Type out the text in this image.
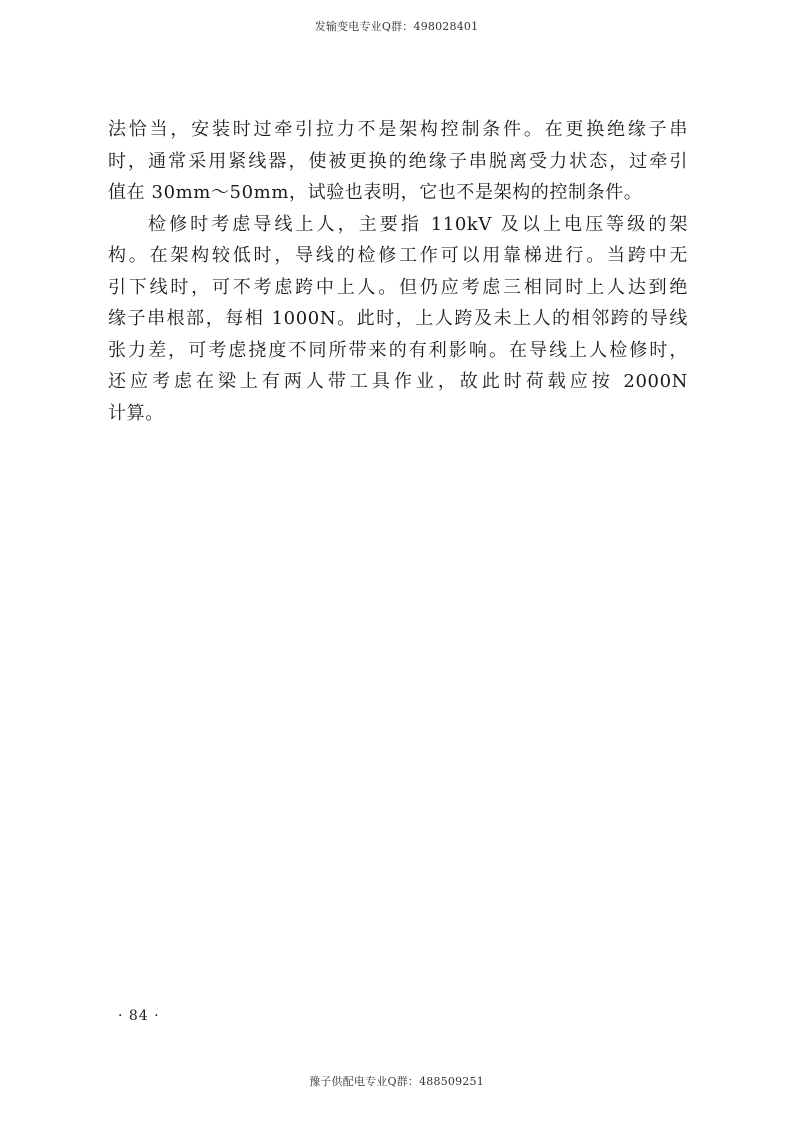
发输变电专业Q群：498028401
法恰当，安装时过牵引拉力不是架构控制条件。在更换绝缘子串
时，通常采用紧线器，使被更换的绝缘子串脱离受力状态，过牵引
值在 30mm～50mm，试验也表明，它也不是架构的控制条件。
检修时考虑导线上人，主要指 110kV 及以上电压等级的架
构。在架构较低时，导线的检修工作可以用靠梯进行。当跨中无
引下线时，可不考虑跨中上人。但仍应考虑三相同时上人达到绝
缘子串根部，每相 1000N。此时，上人跨及未上人的相邻跨的导线
张力差，可考虑挠度不同所带来的有利影响。在导线上人检修时，
还应考虑在梁上有两人带工具作业，故此时荷载应按 2000N
计算。
· 84 ·
豫子供配电专业Q群：488509251
